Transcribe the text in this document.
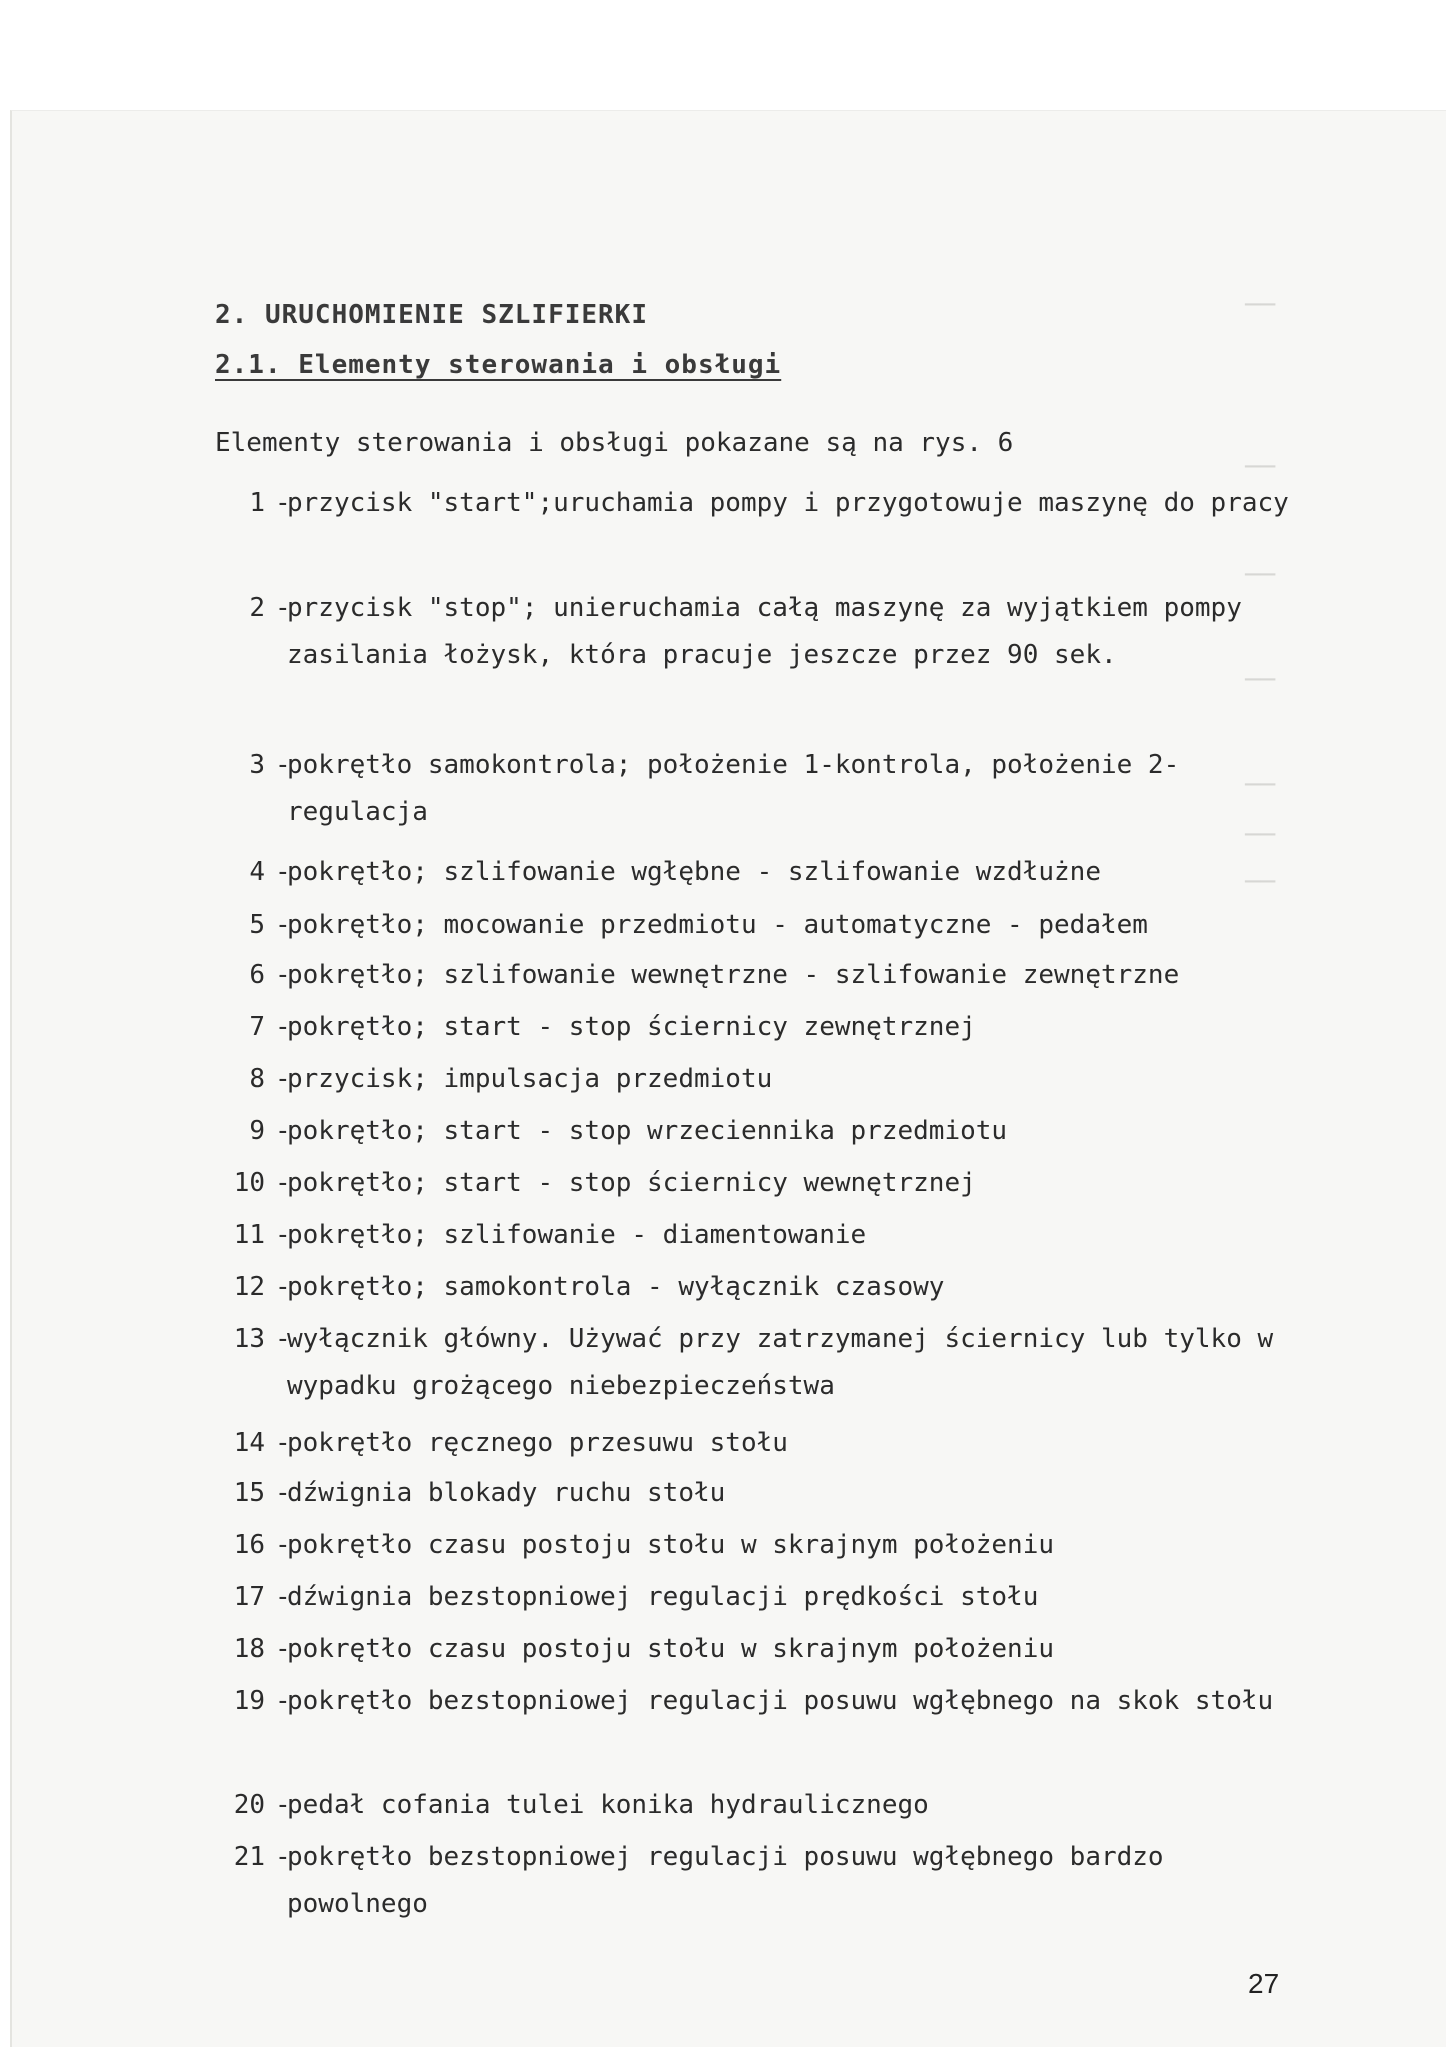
──
──
──
──
──
──
──
2. URUCHOMIENIE SZLIFIERKI
2.1. Elementy sterowania i obsługi
Elementy sterowania i obsługi pokazane są na rys. 6
1 -
przycisk "start";uruchamia pompy i przygotowuje maszynę do pracy
2 -
przycisk "stop"; unieruchamia całą maszynę za wyjątkiem pompy zasilania łożysk, która pracuje jeszcze przez 90 sek.
3 -
pokrętło samokontrola; położenie 1-kontrola, położenie 2-regulacja
4 -
pokrętło; szlifowanie wgłębne - szlifowanie wzdłużne
5 -
pokrętło; mocowanie przedmiotu - automatyczne - pedałem
6 -
pokrętło; szlifowanie wewnętrzne - szlifowanie zewnętrzne
7 -
pokrętło; start - stop ściernicy zewnętrznej
8 -
przycisk; impulsacja przedmiotu
9 -
pokrętło; start - stop wrzeciennika przedmiotu
10 -
pokrętło; start - stop ściernicy wewnętrznej
11 -
pokrętło; szlifowanie - diamentowanie
12 -
pokrętło; samokontrola - wyłącznik czasowy
13 -
wyłącznik główny. Używać przy zatrzymanej ściernicy lub tylko w wypadku grożącego niebezpieczeństwa
14 -
pokrętło ręcznego przesuwu stołu
15 -
dźwignia blokady ruchu stołu
16 -
pokrętło czasu postoju stołu w skrajnym położeniu
17 -
dźwignia bezstopniowej regulacji prędkości stołu
18 -
pokrętło czasu postoju stołu w skrajnym położeniu
19 -
pokrętło bezstopniowej regulacji posuwu wgłębnego na skok stołu
20 -
pedał cofania tulei konika hydraulicznego
21 -
pokrętło bezstopniowej regulacji posuwu wgłębnego bardzo powolnego
27
